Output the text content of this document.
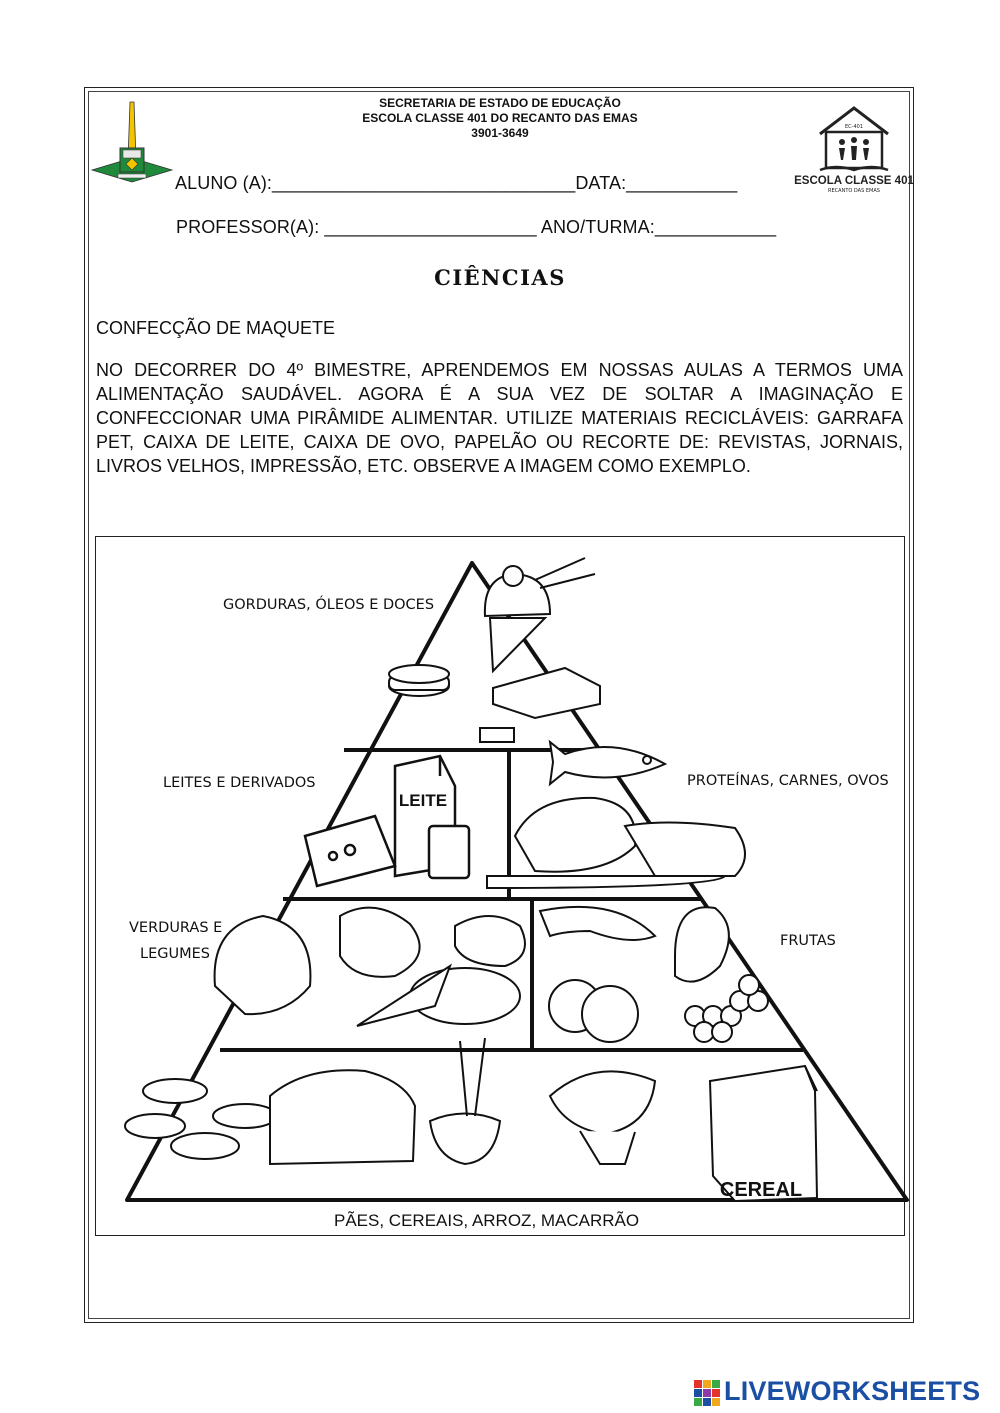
SECRETARIA DE ESTADO DE EDUCAÇÃO
ESCOLA CLASSE 401 DO RECANTO DAS EMAS
3901-3649	EC-401
ESCOLA CLASSE 401
RECANTO DAS EMAS
ALUNO (A):______________________________DATA:___________
PROFESSOR(A): _____________________ ANO/TURMA:____________
CIÊNCIAS
CONFECÇÃO DE MAQUETE
NO DECORRER DO 4º BIMESTRE, APRENDEMOS EM NOSSAS AULAS A TERMOS UMA ALIMENTAÇÃO SAUDÁVEL. AGORA É A SUA VEZ DE SOLTAR A IMAGINAÇÃO E CONFECCIONAR UMA PIRÂMIDE ALIMENTAR. UTILIZE MATERIAIS RECICLÁVEIS: GARRAFA PET, CAIXA DE LEITE, CAIXA DE OVO, PAPELÃO OU RECORTE DE: REVISTAS, JORNAIS, LIVROS VELHOS, IMPRESSÃO, ETC. OBSERVE A IMAGEM COMO EXEMPLO.
LEITE
CEREAL
GORDURAS, ÓLEOS E DOCES
LEITES E DERIVADOS	PROTEÍNAS, CARNES, OVOS
VERDURAS E
LEGUMES
FRUTAS
PÃES, CEREAIS, ARROZ, MACARRÃO
LIVEWORKSHEETS
